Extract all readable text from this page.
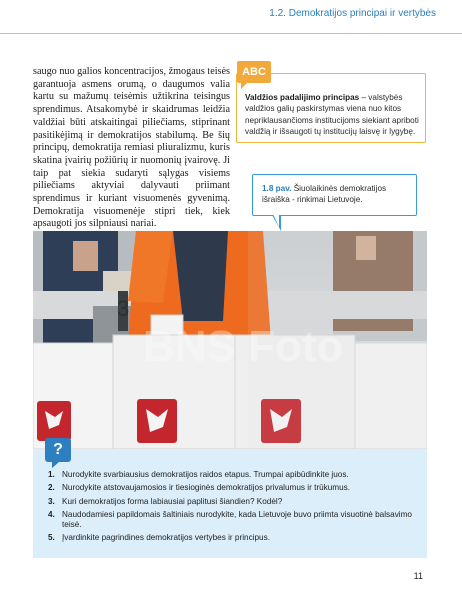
1.2. Demokratijos principai ir vertybės
saugo nuo galios koncentracijos, žmogaus teisės garantuoja asmens orumą, o daugumos valia kartu su mažumų teisėmis užtikrina teisingus sprendimus. Atsakomybė ir skaidrumas leidžia valdžiai būti atskaitingai piliečiams, stiprinant pasitikėjimą ir demokratijos stabilumą. Be šių principų, demokratija remiasi pliuralizmu, kuris skatina įvairių požiūrių ir nuomonių įvairovę. Ji taip pat siekia sudaryti sąlygas visiems piliečiams aktyviai dalyvauti priimant sprendimus ir kuriant visuomenės gyvenimą. Demokratija visuomenėje stipri tiek, kiek apsaugoti jos silpniausi nariai.
ABC
Valdžios padalijimo principas – valstybės valdžios galių paskirstymas viena nuo kitos nepriklausančioms institucijoms siekiant apriboti valdžią ir išsaugoti tų institucijų laisvę ir lygybę.
1.8 pav. Šiuolaikinės demokratijos išraiška - rinkimai Lietuvoje.
3
BNS Foto
?
1. Nurodykite svarbiausius demokratijos raidos etapus. Trumpai apibūdinkite juos.
2. Nurodykite atstovaujamosios ir tiesioginės demokratijos privalumus ir trūkumus.
3. Kuri demokratijos forma labiausiai paplitusi šiandien? Kodėl?
4. Naudodamiesi papildomais šaltiniais nurodykite, kada Lietuvoje buvo priimta visuotinė balsavimo teisė.
5. Įvardinkite pagrindines demokratijos vertybes ir principus.
11
